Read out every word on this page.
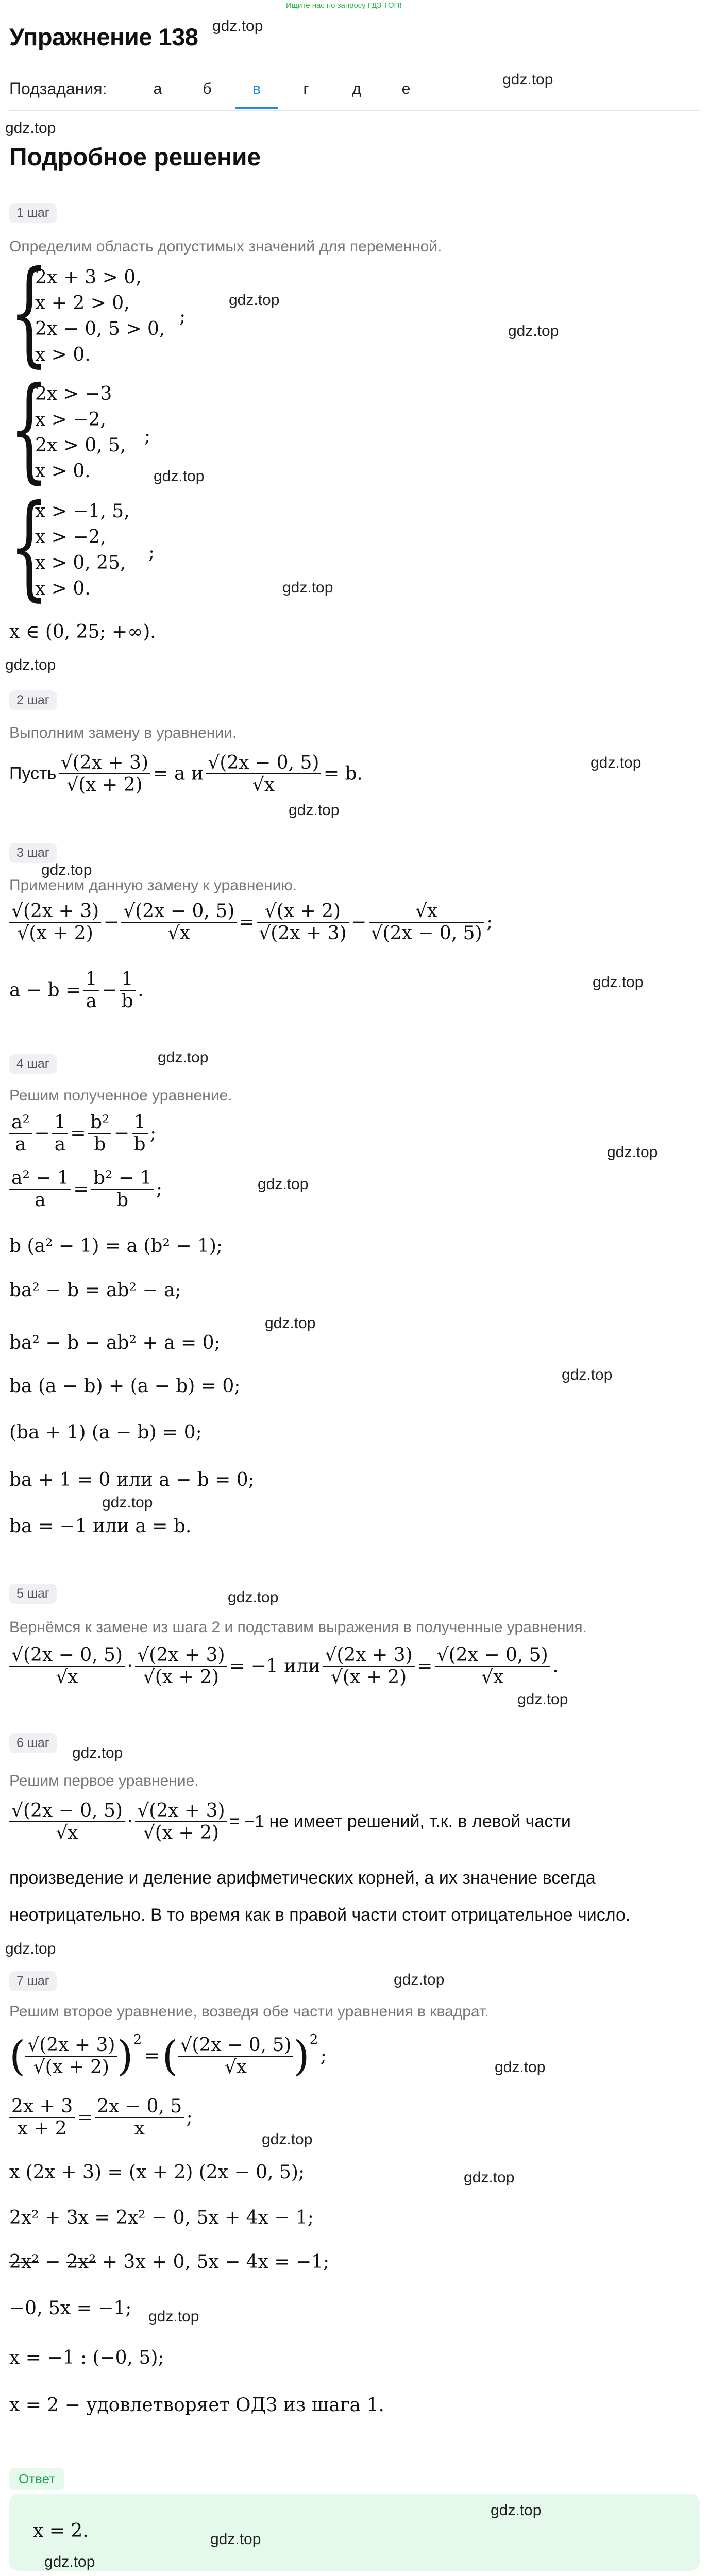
Ищите нас по запросу ГДЗ ТОП!
Упражнение 138 gdz.top
gdz.top
Подзадания:	а	б	в	г	д	е
gdz.top
Подробное решение
1 шаг
Определим область допустимых значений для переменной.
{
2x + 3 > 0,
x + 2 > 0,
2x − 0, 5 > 0,
x > 0.
;
gdz.top
gdz.top
{
2x > −3
x > −2,
2x > 0, 5,
x > 0.
;
gdz.top
{
x > −1, 5,
x > −2,
x > 0, 25,
x > 0.
;
gdz.top
x ∈ (0, 25; +∞).
gdz.top
2 шаг
Выполним замену в уравнении.
Пусть $\frac{√(2x + 3)}{√(x + 2)} = a$ и $\frac{√(2x - 0, 5)}{√x} = b$.
gdz.top
gdz.top
3 шаг
gdz.top
Применим данную замену к уравнению.
$\frac{√(2x + 3)}{√(x + 2)} - \frac{√(2x - 0, 5)}{√x} = \frac{√(x + 2)}{√(2x + 3)} - \frac{√x}{√(2x - 0, 5)}$ ;
$a - b = \frac{1}{a} - \frac{1}{b}$ .	gdz.top
4 шаг	gdz.top
Решим полученное уравнение.
$\frac{\text{a²}}{a} - \frac{1}{a} = \frac{\text{b²}}{b} - \frac{1}{b}$ ;
gdz.top
$\frac{\text{a² − 1}}{a} = \frac{\text{b² − 1}}{b}$ ;	gdz.top
b (a² − 1) = a (b² − 1);
ba² − b = ab² − a;
gdz.top
ba² − b − ab² + a = 0;
gdz.top
ba (a − b) + (a − b) = 0;
(ba + 1) (a − b) = 0;
ba + 1 = 0 или a − b = 0;
gdz.top
ba = −1 или a = b.
5 шаг	gdz.top
Вернёмся к замене из шага 2 и подставим выражения в полученные уравнения.
$\frac{√(2x - 0, 5)}{√x} \cdot \frac{√(2x + 3)}{√(x + 2)} = -1$ или $\frac{√(2x + 3)}{√(x + 2)} = \frac{√(2x - 0, 5)}{√x}$ .
gdz.top
6 шаг
gdz.top
Решим первое уравнение.
$\frac{√(2x - 0, 5)}{√x} \cdot \frac{√(2x + 3)}{√(x + 2)} = -1$ не имеет решений, т.к. в левой части
произведение и деление арифметических корней, а их значение всегда
неотрицательно. В то время как в правой части стоит отрицательное число.
gdz.top
7 шаг	gdz.top
Решим второе уравнение, возведя обе части уравнения в квадрат.
( $\frac{√(2x + 3)}{√(x + 2)} )2$ = ( $\frac{√(2x - 0, 5)}{√x} )2$ ;
gdz.top
$\frac{2x + 3}{x + 2} = \frac{2x - 0, 5}{x}$ ;
gdz.top
x (2x + 3) = (x + 2) (2x − 0, 5);	gdz.top
2x² + 3x = 2x² − 0, 5x + 4x − 1;
2x² − 2x² + 3x + 0, 5x − 4x = −1;
−0, 5x = −1; gdz.top
x = −1 : (−0, 5);
x = 2 − удовлетворяет ОДЗ из шага 1.
Ответ
x = 2.
gdz.top
gdz.top
gdz.top
